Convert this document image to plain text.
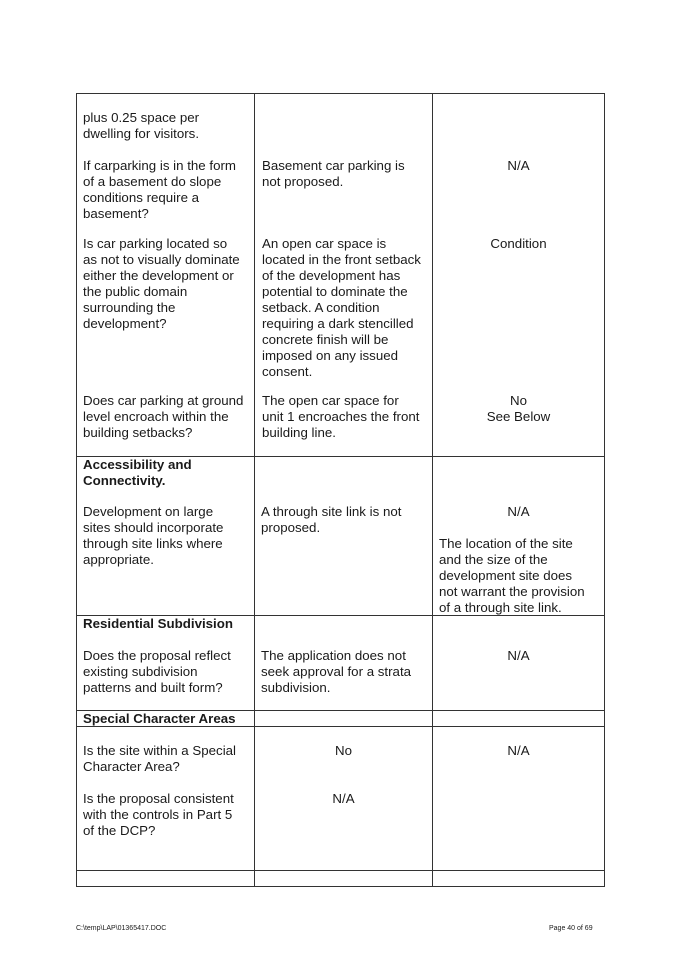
plus 0.25 space per
dwelling for visitors.
If carparking is in the form
of a basement do slope
conditions require a
basement?
Basement car parking is
not proposed.
N/A
Is car parking located so
as not to visually dominate
either the development or
the public domain
surrounding the
development?
An open car space is
located in the front setback
of the development has
potential to dominate the
setback. A condition
requiring a dark stencilled
concrete finish will be
imposed on any issued
consent.
Condition
Does car parking at ground
level encroach within the
building setbacks?
The open car space for
unit 1 encroaches the front
building line.
No
See Below
Accessibility and
Connectivity.
Development on large
sites should incorporate
through site links where
appropriate.
A through site link is not
proposed.
N/A
The location of the site
and the size of the
development site does
not warrant the provision
of a through site link.
Residential Subdivision
Does the proposal reflect
existing subdivision
patterns and built form?
The application does not
seek approval for a strata
subdivision.
N/A
Special Character Areas
Is the site within a Special
Character Area?
No	N/A
Is the proposal consistent
with the controls in Part 5
of the DCP?
N/A
C:\temp\LAP\01365417.DOC	Page 40 of 69
